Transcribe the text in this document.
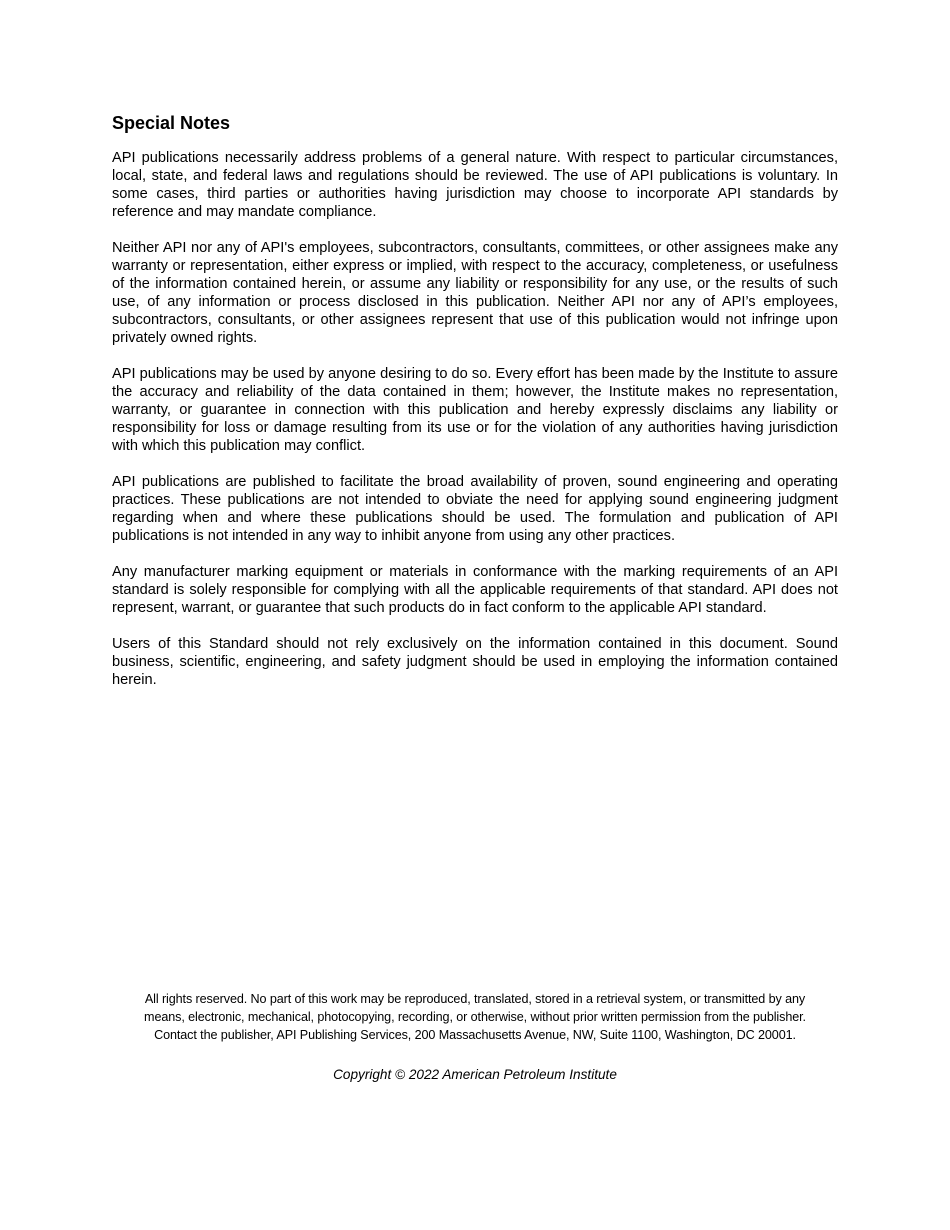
Special Notes

API publications necessarily address problems of a general nature. With respect to particular circumstances, local, state, and federal laws and regulations should be reviewed. The use of API publications is voluntary. In some cases, third parties or authorities having jurisdiction may choose to incorporate API standards by reference and may mandate compliance.

Neither API nor any of API's employees, subcontractors, consultants, committees, or other assignees make any warranty or representation, either express or implied, with respect to the accuracy, completeness, or usefulness of the information contained herein, or assume any liability or responsibility for any use, or the results of such use, of any information or process disclosed in this publication. Neither API nor any of API’s employees, subcontractors, consultants, or other assignees represent that use of this publication would not infringe upon privately owned rights.

API publications may be used by anyone desiring to do so. Every effort has been made by the Institute to assure the accuracy and reliability of the data contained in them; however, the Institute makes no representation, warranty, or guarantee in connection with this publication and hereby expressly disclaims any liability or responsibility for loss or damage resulting from its use or for the violation of any authorities having jurisdiction with which this publication may conflict.

API publications are published to facilitate the broad availability of proven, sound engineering and operating practices. These publications are not intended to obviate the need for applying sound engineering judgment regarding when and where these publications should be used. The formulation and publication of API publications is not intended in any way to inhibit anyone from using any other practices.

Any manufacturer marking equipment or materials in conformance with the marking requirements of an API standard is solely responsible for complying with all the applicable requirements of that standard. API does not represent, warrant, or guarantee that such products do in fact conform to the applicable API standard.

Users of this Standard should not rely exclusively on the information contained in this document. Sound business, scientific, engineering, and safety judgment should be used in employing the information contained herein.

All rights reserved. No part of this work may be reproduced, translated, stored in a retrieval system, or transmitted by any
means, electronic, mechanical, photocopying, recording, or otherwise, without prior written permission from the publisher.
Contact the publisher, API Publishing Services, 200 Massachusetts Avenue, NW, Suite 1100, Washington, DC 20001.
Copyright © 2022 American Petroleum Institute
